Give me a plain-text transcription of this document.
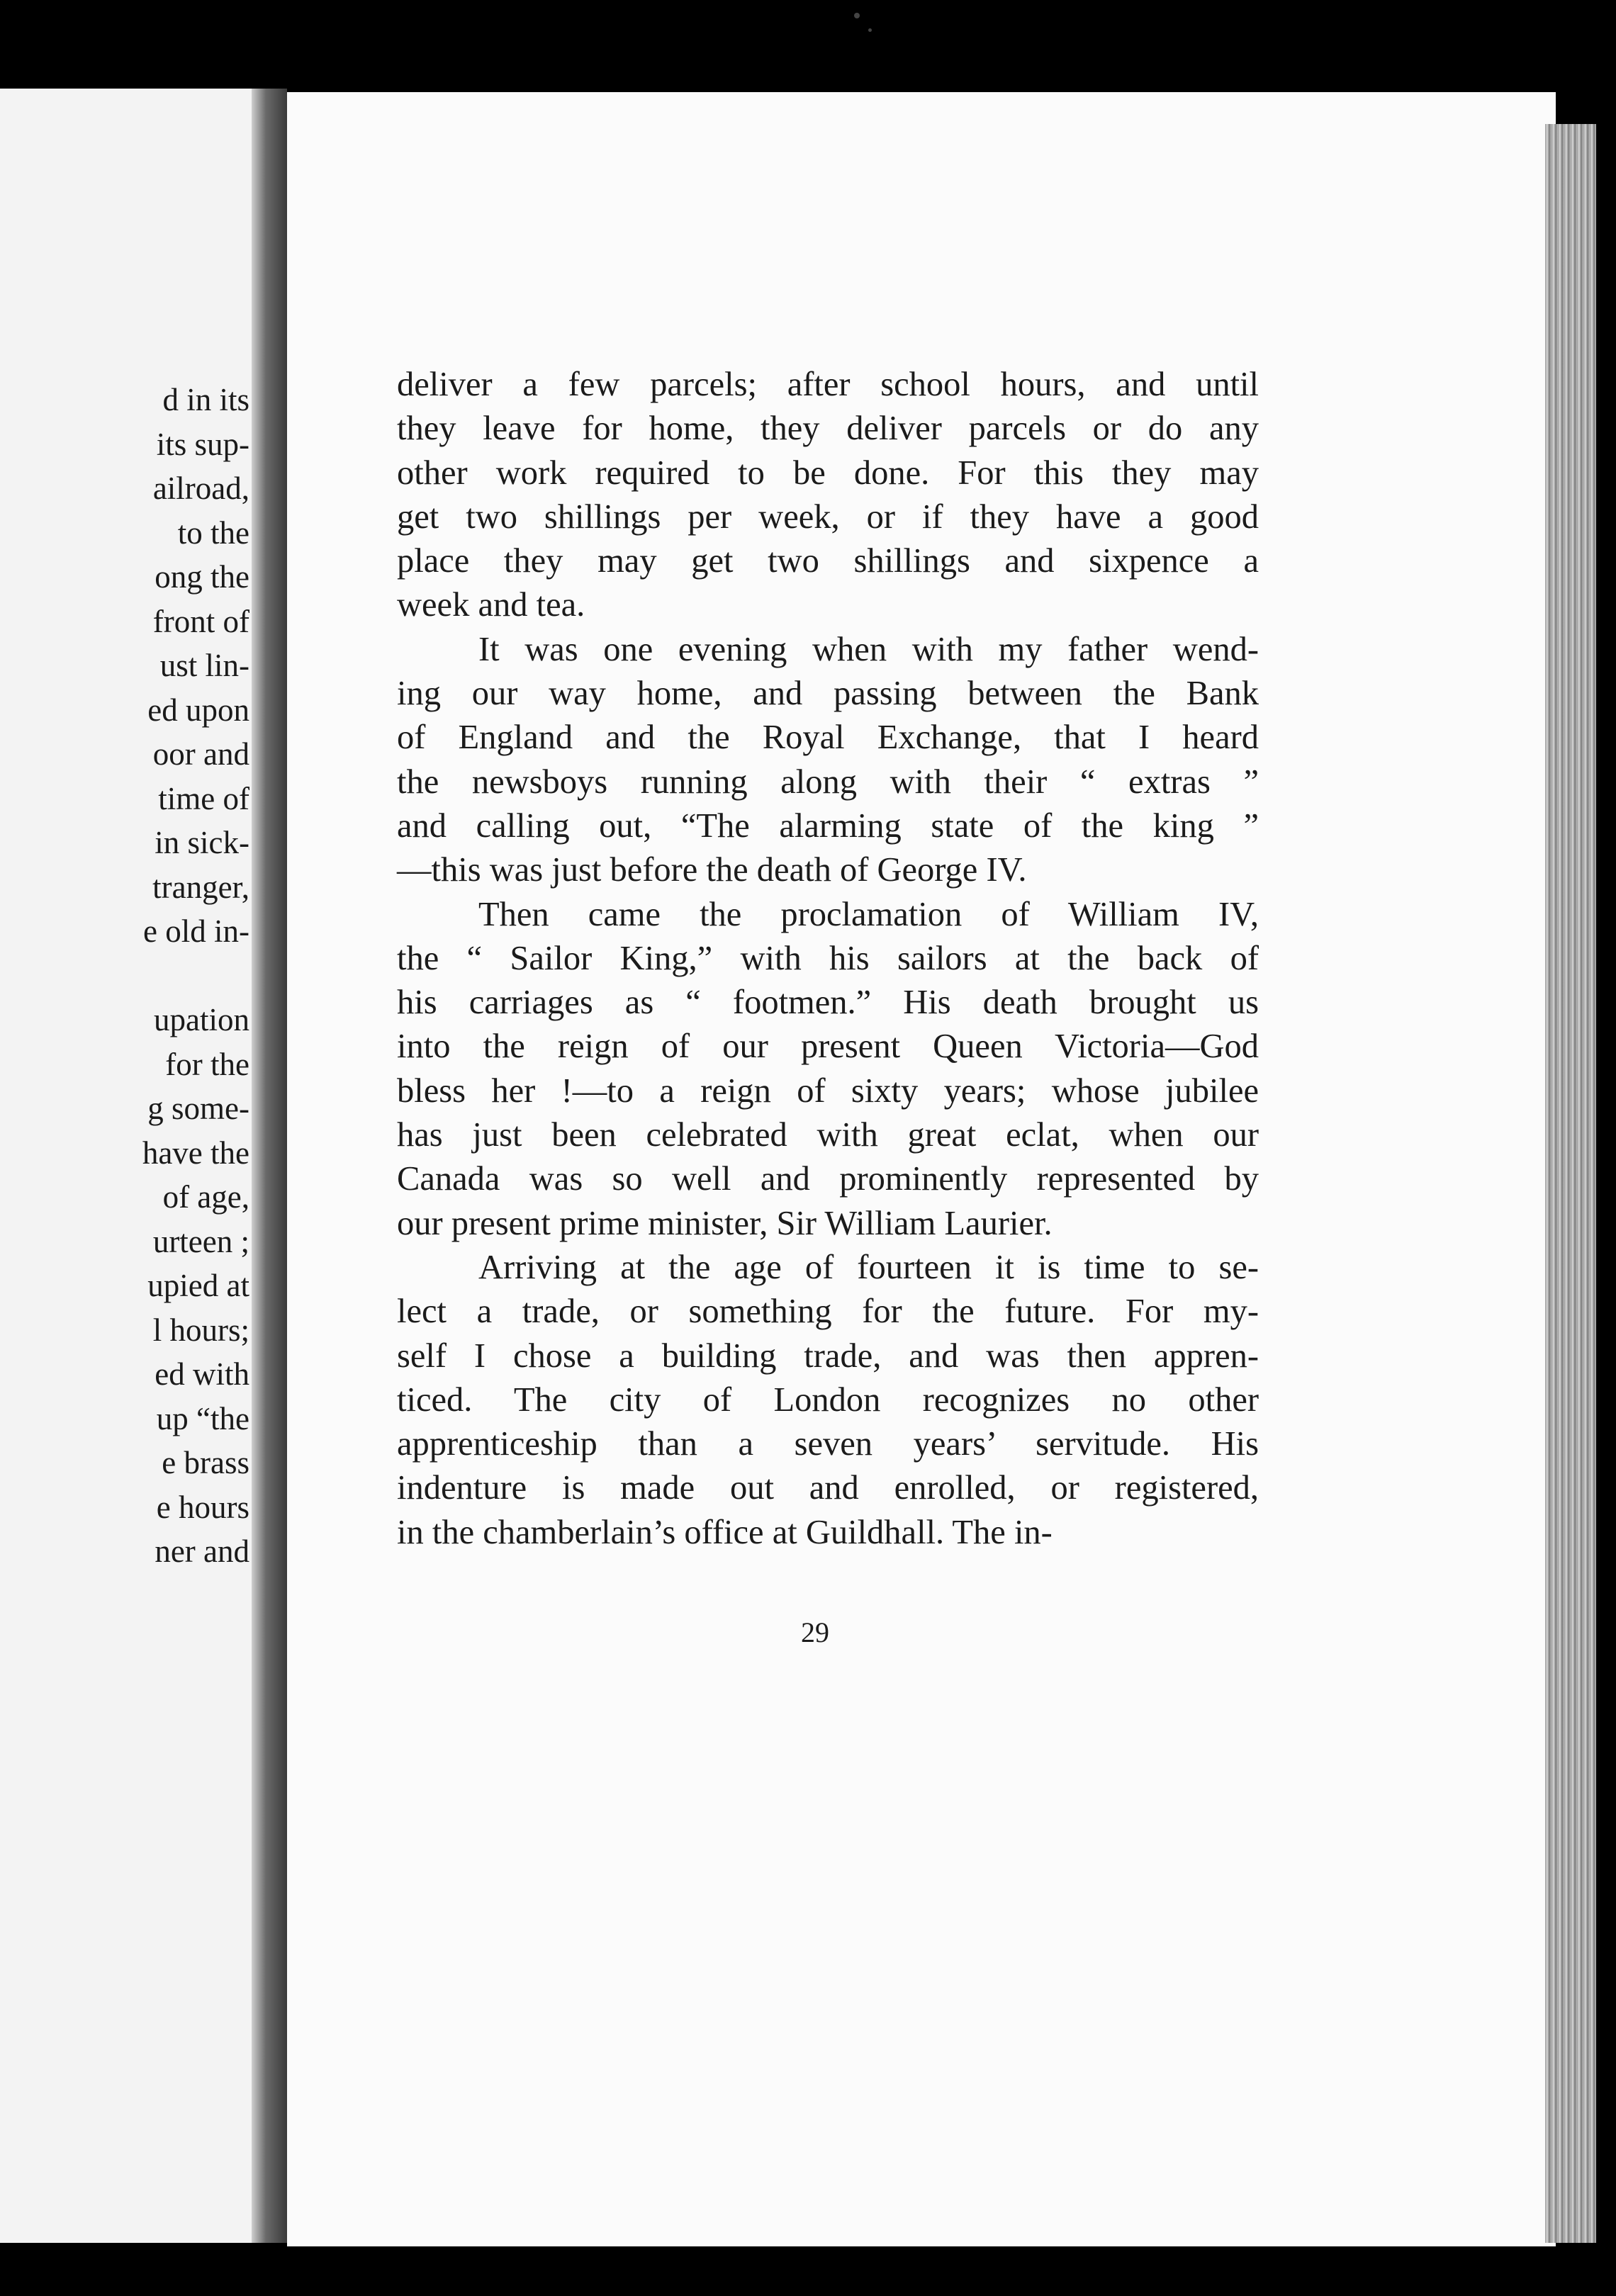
d in its
its sup-
ailroad,
to the
ong the
front of
ust lin-
ed upon
oor and
time of
in sick-
tranger,
e old in-
upation
for the
g some-
have the
of age,
urteen ;
upied at
l hours;
ed with
up “the
e brass
e hours
ner and

deliver a few parcels; after school hours, and until
they leave for home, they deliver parcels or do any
other work required to be done. For this they may
get two shillings per week, or if they have a good
place they may get two shillings and sixpence a
week and tea.

It was one evening when with my father wend-
ing our way home, and passing between the Bank
of England and the Royal Exchange, that I heard
the newsboys running along with their “ extras ”
and calling out, “The alarming state of the king ”
—this was just before the death of George IV.

Then came the proclamation of William IV,
the “ Sailor King,” with his sailors at the back of
his carriages as “ footmen.” His death brought us
into the reign of our present Queen Victoria—God
bless her !—to a reign of sixty years; whose jubilee
has just been celebrated with great eclat, when our
Canada was so well and prominently represented by
our present prime minister, Sir William Laurier.

Arriving at the age of fourteen it is time to se-
lect a trade, or something for the future. For my-
self I chose a building trade, and was then appren-
ticed. The city of London recognizes no other
apprenticeship than a seven years’ servitude. His
indenture is made out and enrolled, or registered,
in the chamberlain’s office at Guildhall. The in-

29
